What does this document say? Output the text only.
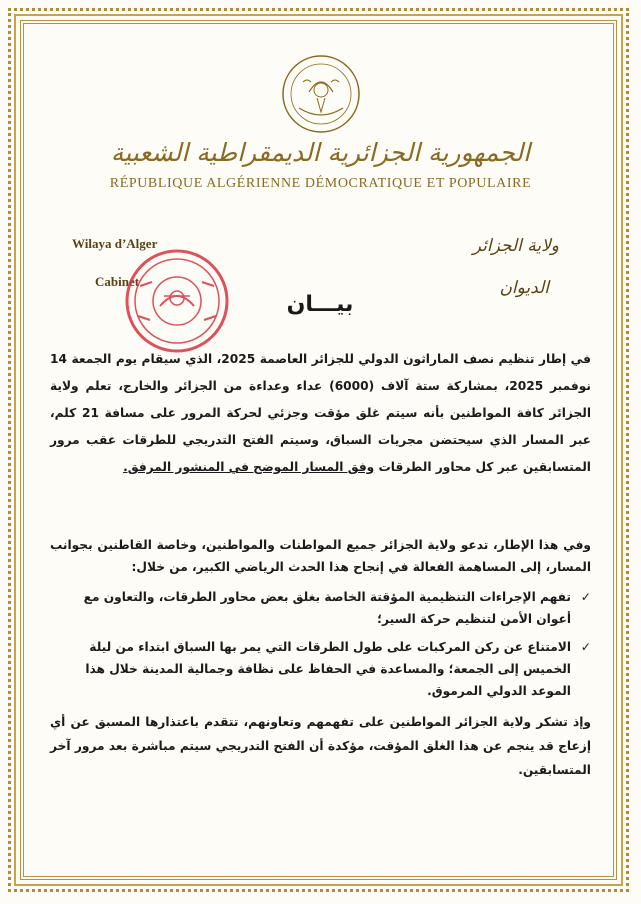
الجمهورية الجزائرية الديمقراطية الشعبية
RÉPUBLIQUE ALGÉRIENNE DÉMOCRATIQUE ET POPULAIRE
Wilaya d’Alger
Cabinet
ولاية الجزائر
الديوان
بيـــان
في إطار تنظيم نصف الماراثون الدولي للجزائر العاصمة 2025، الذي سيقام يوم الجمعة 14 نوفمبر 2025، بمشاركة ستة آلاف (6000) عداء وعداءة من الجزائر والخارج، تعلم ولاية الجزائر كافة المواطنين بأنه سيتم غلق مؤقت وجزئي لحركة المرور على مسافة 21 كلم، عبر المسار الذي سيحتضن مجريات السباق، وسيتم الفتح التدريجي للطرقات عقب مرور المتسابقين عبر كل محاور الطرقات وفق المسار الموضح في المنشور المرفق.
وفي هذا الإطار، تدعو ولاية الجزائر جميع المواطنات والمواطنين، وخاصة القاطنين بجوانب المسار، إلى المساهمة الفعالة في إنجاح هذا الحدث الرياضي الكبير، من خلال:
✓
تفهم الإجراءات التنظيمية المؤقتة الخاصة بغلق بعض محاور الطرقات، والتعاون مع أعوان الأمن لتنظيم حركة السير؛
✓
الامتناع عن ركن المركبات على طول الطرقات التي يمر بها السباق ابتداء من ليلة الخميس إلى الجمعة؛ والمساعدة في الحفاظ على نظافة وجمالية المدينة خلال هذا الموعد الدولي المرموق.
وإذ تشكر ولاية الجزائر المواطنين على تفهمهم وتعاونهم، تتقدم باعتذارها المسبق عن أي إزعاج قد ينجم عن هذا الغلق المؤقت، مؤكدة أن الفتح التدريجي سيتم مباشرة بعد مرور آخر المتسابقين.
